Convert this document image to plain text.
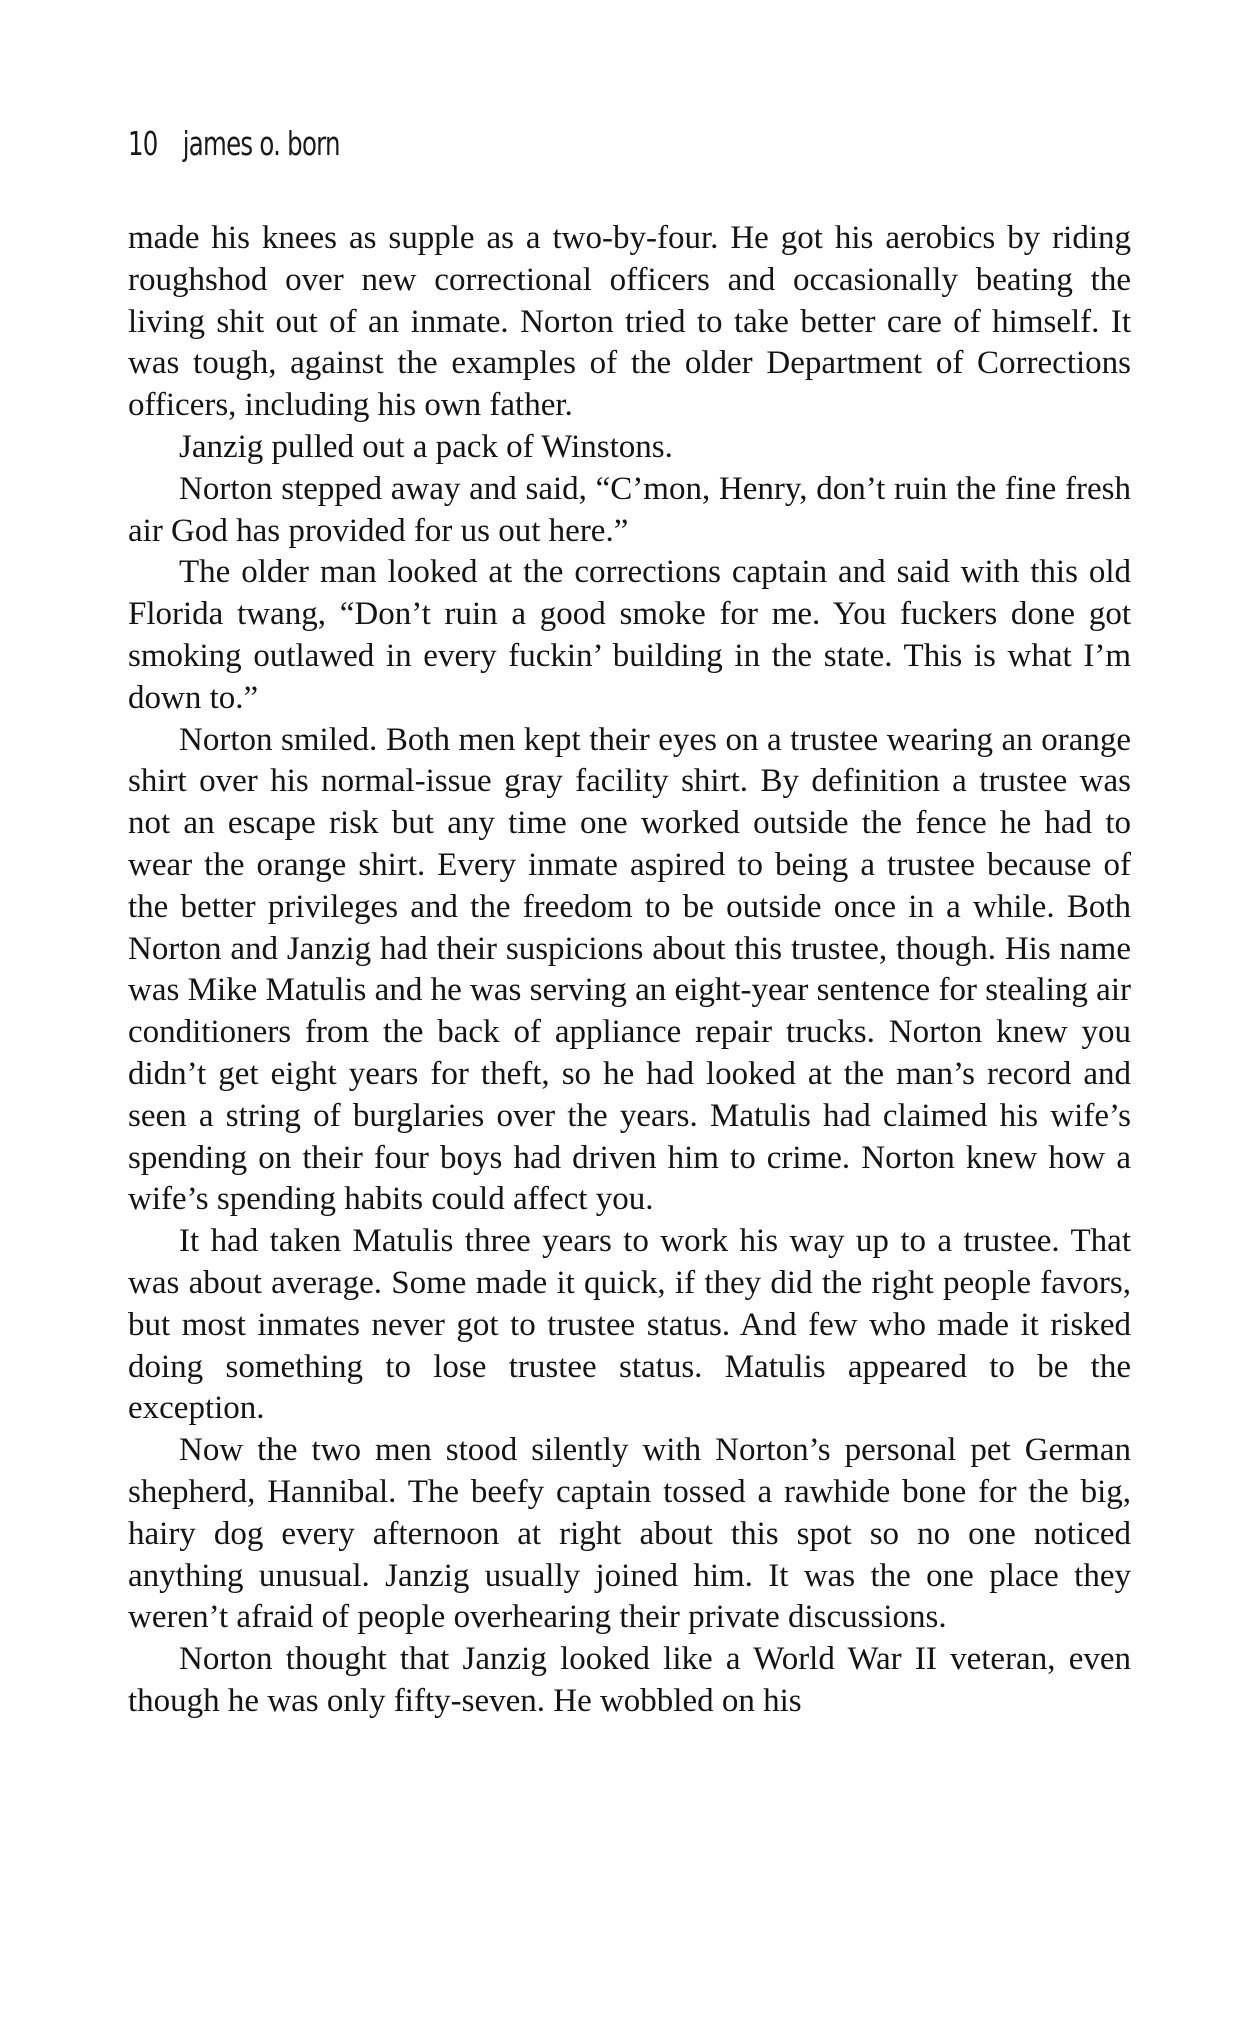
10 james o. born

made his knees as supple as a two-by-four. He got his aerobics by riding roughshod over new correctional officers and occasionally beating the living shit out of an inmate. Norton tried to take better care of himself. It was tough, against the examples of the older Department of Corrections officers, including his own father.

Janzig pulled out a pack of Winstons.

Norton stepped away and said, “C’mon, Henry, don’t ruin the fine fresh air God has provided for us out here.”

The older man looked at the corrections captain and said with this old Florida twang, “Don’t ruin a good smoke for me. You fuckers done got smoking outlawed in every fuckin’ building in the state. This is what I’m down to.”

Norton smiled. Both men kept their eyes on a trustee wearing an orange shirt over his normal-issue gray facility shirt. By definition a trustee was not an escape risk but any time one worked outside the fence he had to wear the orange shirt. Every inmate aspired to being a trustee because of the better privileges and the freedom to be outside once in a while. Both Norton and Janzig had their suspicions about this trustee, though. His name was Mike Matulis and he was serving an eight-year sentence for stealing air conditioners from the back of appliance repair trucks. Norton knew you didn’t get eight years for theft, so he had looked at the man’s record and seen a string of burglaries over the years. Matulis had claimed his wife’s spending on their four boys had driven him to crime. Norton knew how a wife’s spending habits could affect you.

It had taken Matulis three years to work his way up to a trustee. That was about average. Some made it quick, if they did the right people favors, but most inmates never got to trustee status. And few who made it risked doing something to lose trustee status. Matulis appeared to be the exception.

Now the two men stood silently with Norton’s personal pet German shepherd, Hannibal. The beefy captain tossed a rawhide bone for the big, hairy dog every afternoon at right about this spot so no one noticed anything unusual. Janzig usually joined him. It was the one place they weren’t afraid of people overhearing their private discussions.

Norton thought that Janzig looked like a World War II veteran, even though he was only fifty-seven. He wobbled on his
